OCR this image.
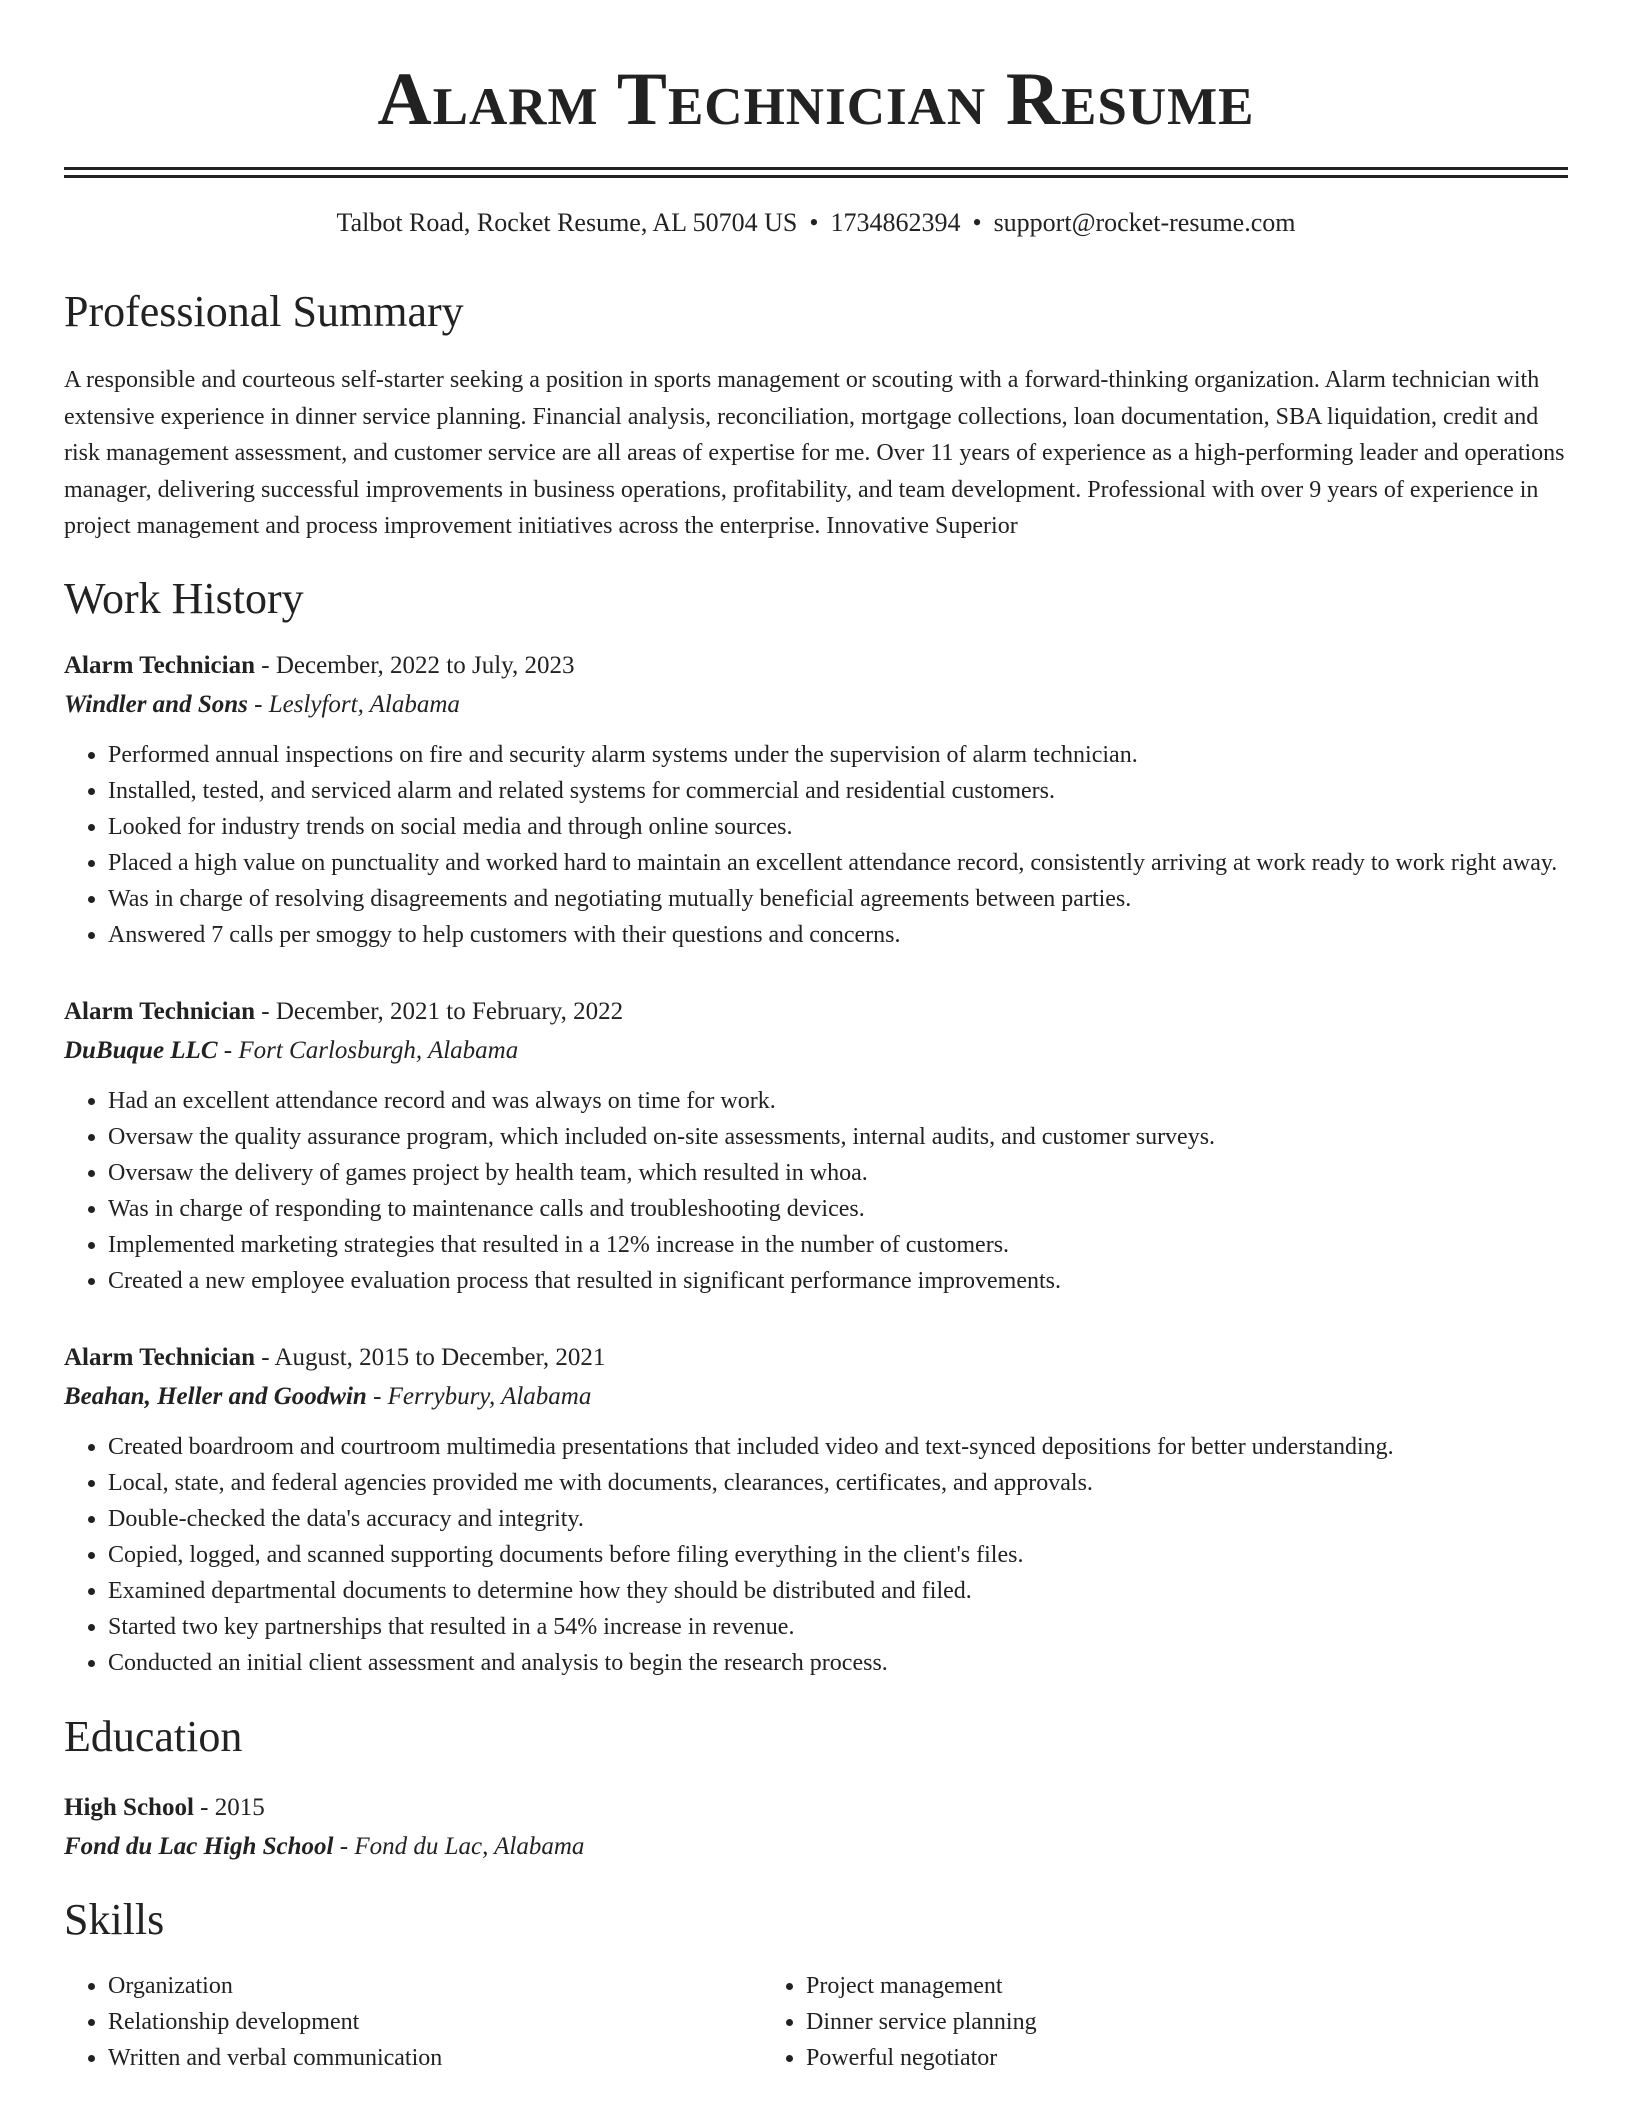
Alarm Technician Resume
Talbot Road, Rocket Resume, AL 50704 US • 1734862394 • support@rocket-resume.com
Professional Summary

A responsible and courteous self-starter seeking a position in sports management or scouting with a forward-thinking organization. Alarm technician with extensive experience in dinner service planning. Financial analysis, reconciliation, mortgage collections, loan documentation, SBA liquidation, credit and risk management assessment, and customer service are all areas of expertise for me. Over 11 years of experience as a high-performing leader and operations manager, delivering successful improvements in business operations, profitability, and team development. Professional with over 9 years of experience in project management and process improvement initiatives across the enterprise. Innovative Superior

Work History
Alarm Technician - December, 2022 to July, 2023
Windler and Sons - Leslyfort, Alabama
• Performed annual inspections on fire and security alarm systems under the supervision of alarm technician.
• Installed, tested, and serviced alarm and related systems for commercial and residential customers.
• Looked for industry trends on social media and through online sources.
• Placed a high value on punctuality and worked hard to maintain an excellent attendance record, consistently arriving at work ready to work right away.
• Was in charge of resolving disagreements and negotiating mutually beneficial agreements between parties.
• Answered 7 calls per smoggy to help customers with their questions and concerns.
Alarm Technician - December, 2021 to February, 2022
DuBuque LLC - Fort Carlosburgh, Alabama
• Had an excellent attendance record and was always on time for work.
• Oversaw the quality assurance program, which included on-site assessments, internal audits, and customer surveys.
• Oversaw the delivery of games project by health team, which resulted in whoa.
• Was in charge of responding to maintenance calls and troubleshooting devices.
• Implemented marketing strategies that resulted in a 12% increase in the number of customers.
• Created a new employee evaluation process that resulted in significant performance improvements.
Alarm Technician - August, 2015 to December, 2021
Beahan, Heller and Goodwin - Ferrybury, Alabama
• Created boardroom and courtroom multimedia presentations that included video and text-synced depositions for better understanding.
• Local, state, and federal agencies provided me with documents, clearances, certificates, and approvals.
• Double-checked the data's accuracy and integrity.
• Copied, logged, and scanned supporting documents before filing everything in the client's files.
• Examined departmental documents to determine how they should be distributed and filed.
• Started two key partnerships that resulted in a 54% increase in revenue.
• Conducted an initial client assessment and analysis to begin the research process.
Education
High School - 2015
Fond du Lac High School - Fond du Lac, Alabama
Skills
• Organization
• Relationship development
• Written and verbal communication
• Project management
• Dinner service planning
• Powerful negotiator
